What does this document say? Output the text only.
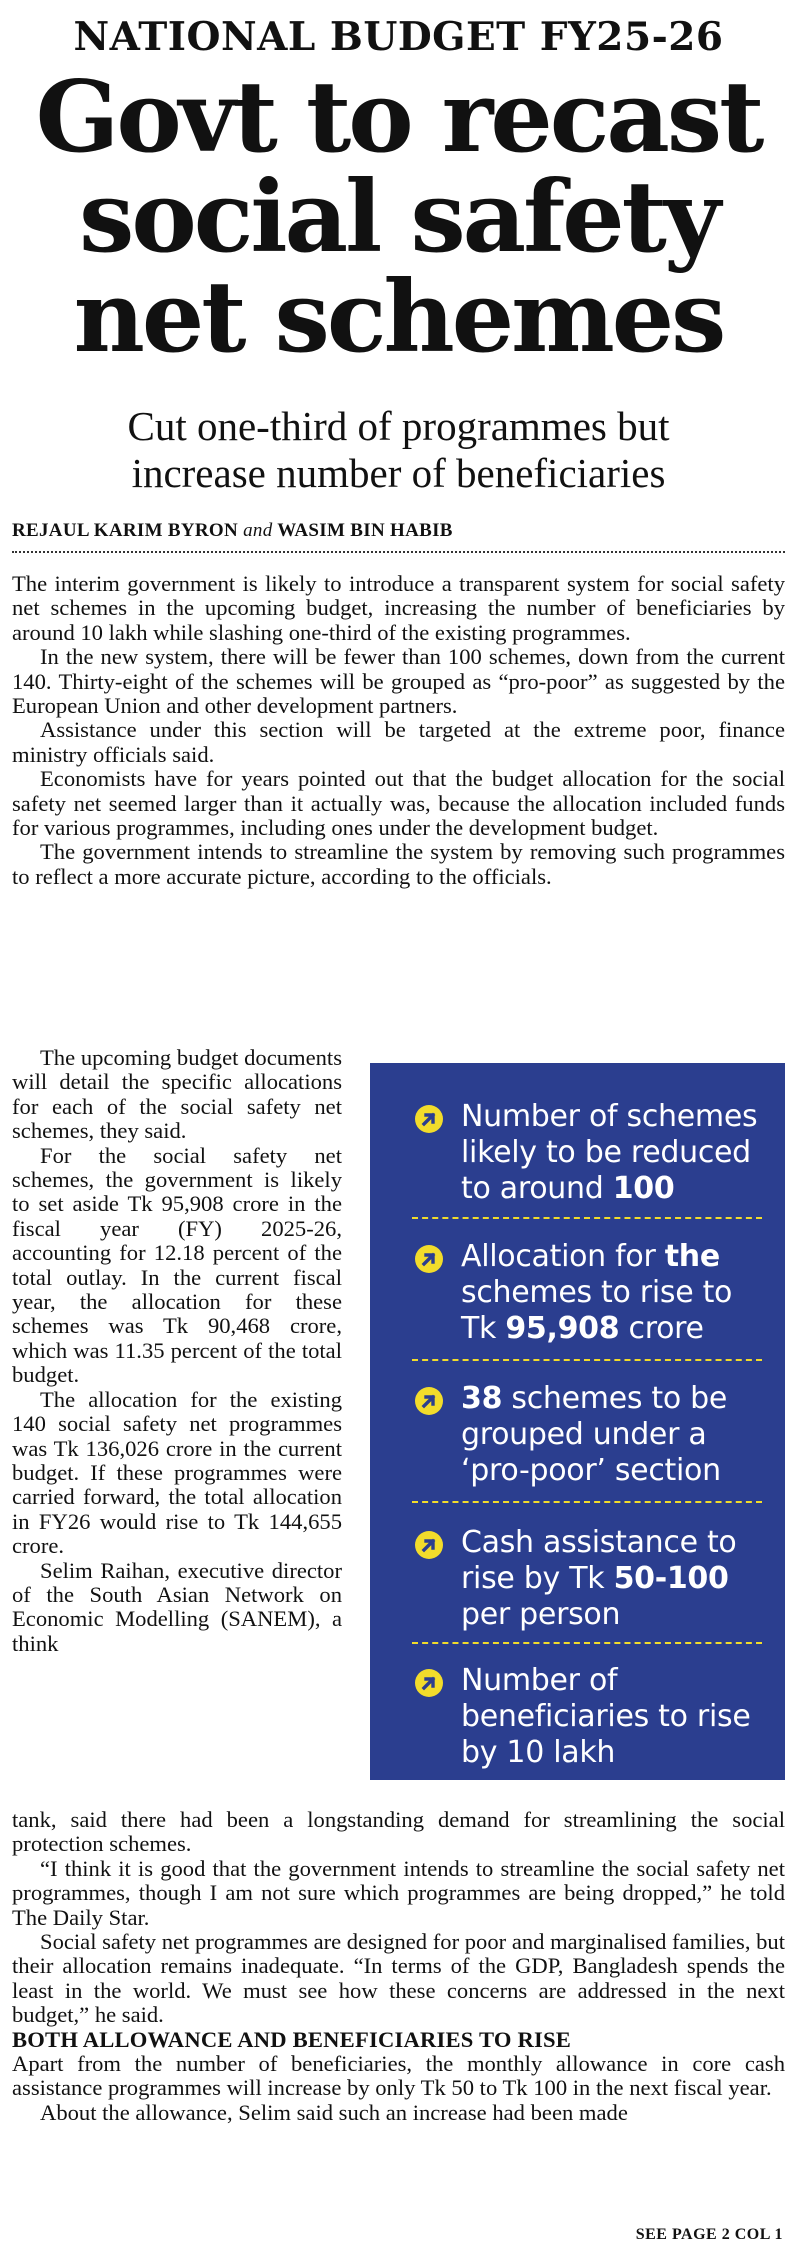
NATIONAL BUDGET FY25-26
Govt to recast
social safety
net schemes
Cut one-third of programmes but
increase number of beneficiaries
REJAUL KARIM BYRON and WASIM BIN HABIB

The interim government is likely to introduce a transparent system for social safety net schemes in the upcoming budget, increasing the number of beneficiaries by around 10 lakh while slashing one-third of the existing programmes.

In the new system, there will be fewer than 100 schemes, down from the current 140. Thirty-eight of the schemes will be grouped as “pro-poor” as suggested by the European Union and other development partners.

Assistance under this section will be targeted at the extreme poor, finance ministry officials said.

Economists have for years pointed out that the budget allocation for the social safety net seemed larger than it actually was, because the allocation included funds for various programmes, including ones under the development budget.

The government intends to streamline the system by removing such programmes to reflect a more accurate picture, according to the officials.

The upcoming budget documents will detail the specific allocations for each of the social safety net schemes, they said.

For the social safety net schemes, the government is likely to set aside Tk 95,908 crore in the fiscal year (FY) 2025-26, accounting for 12.18 percent of the total outlay. In the current fiscal year, the allocation for these schemes was Tk 90,468 crore, which was 11.35 percent of the total budget.

The allocation for the existing 140 social safety net programmes was Tk 136,026 crore in the current budget. If these programmes were carried forward, the total allocation in FY26 would rise to Tk 144,655 crore.

Selim Raihan, executive director of the South Asian Network on Economic Modelling (SANEM), a think

Number of schemes likely to be reduced to around 100
Allocation for the schemes to rise to Tk 95,908 crore
38 schemes to be grouped under a ‘pro-poor’ section
Cash assistance to rise by Tk 50-100 per person
Number of beneficiaries to rise by 10 lakh

tank, said there had been a longstanding demand for streamlining the social protection schemes.

“I think it is good that the government intends to streamline the social safety net programmes, though I am not sure which programmes are being dropped,” he told The Daily Star.

Social safety net programmes are designed for poor and marginalised families, but their allocation remains inadequate. “In terms of the GDP, Bangladesh spends the least in the world. We must see how these concerns are addressed in the next budget,” he said.

BOTH ALLOWANCE AND BENEFICIARIES TO RISE

Apart from the number of beneficiaries, the monthly allowance in core cash assistance programmes will increase by only Tk 50 to Tk 100 in the next fiscal year.

About the allowance, Selim said such an increase had been made

SEE PAGE 2 COL 1
